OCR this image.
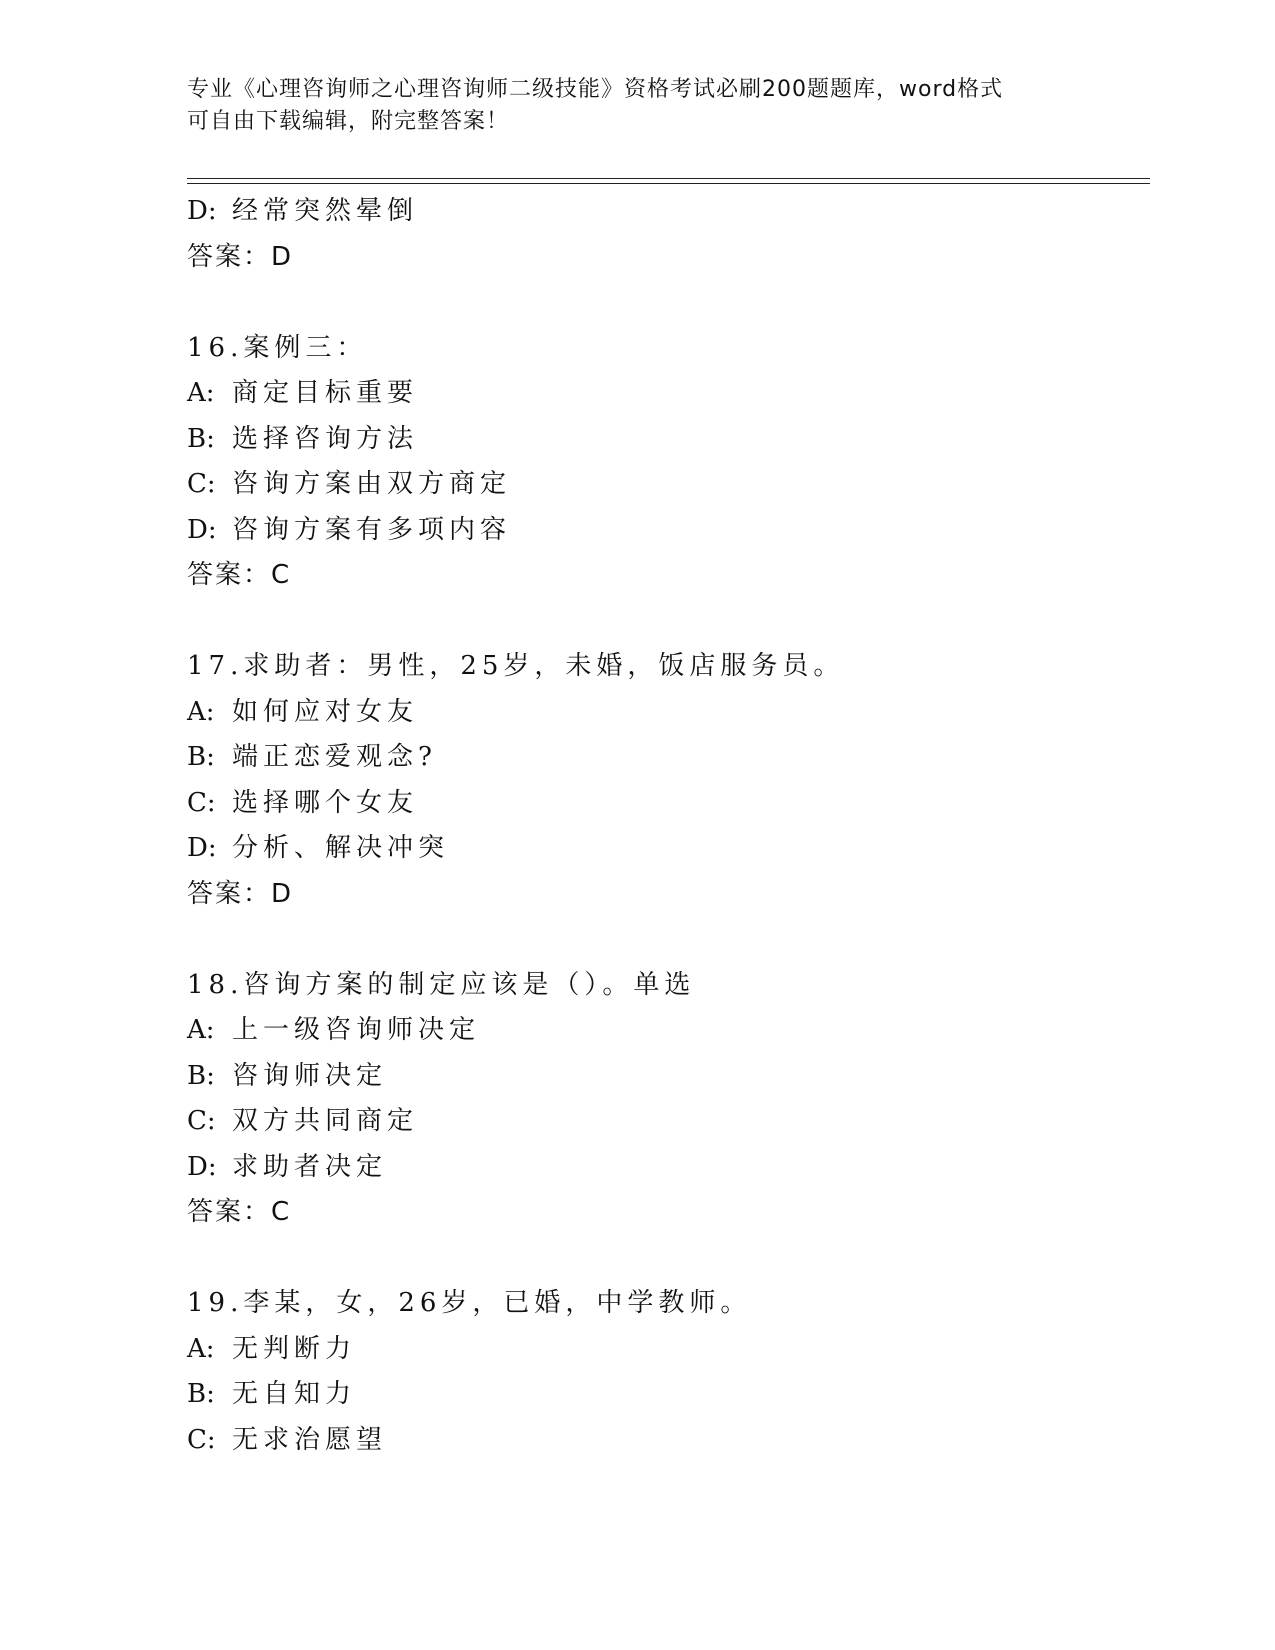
专业《心理咨询师之心理咨询师二级技能》资格考试必刷200题题库，word格式
可自由下载编辑，附完整答案！
D: 经常突然晕倒
答案：D
16.案例三：
A: 商定目标重要
B: 选择咨询方法
C: 咨询方案由双方商定
D: 咨询方案有多项内容
答案：C
17.求助者：男性，25岁，未婚，饭店服务员。
A: 如何应对女友
B: 端正恋爱观念?
C: 选择哪个女友
D: 分析、解决冲突
答案：D
18.咨询方案的制定应该是（）。单选
A: 上一级咨询师决定
B: 咨询师决定
C: 双方共同商定
D: 求助者决定
答案：C
19.李某，女，26岁，已婚，中学教师。
A: 无判断力
B: 无自知力
C: 无求治愿望
